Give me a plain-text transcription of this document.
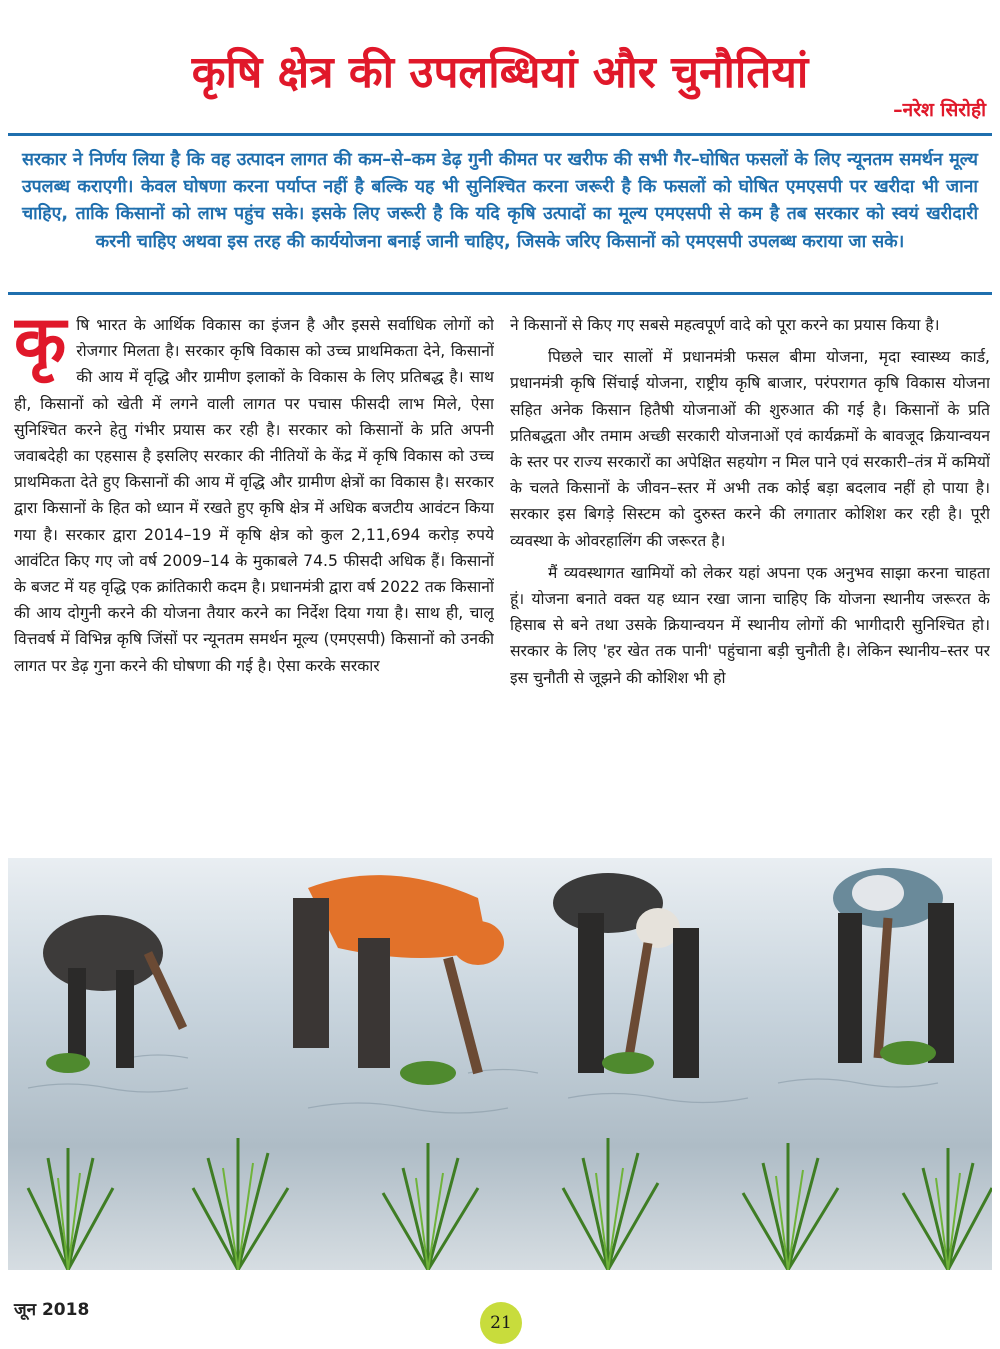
कृषि क्षेत्र की उपलब्धियां और चुनौतियां
–नरेश सिरोही
सरकार ने निर्णय लिया है कि वह उत्पादन लागत की कम–से–कम डेढ़ गुनी कीमत पर खरीफ की सभी गैर–घोषित फसलों के लिए न्यूनतम समर्थन मूल्य उपलब्ध कराएगी। केवल घोषणा करना पर्याप्त नहीं है बल्कि यह भी सुनिश्चित करना जरूरी है कि फसलों को घोषित एमएसपी पर खरीदा भी जाना चाहिए, ताकि किसानों को लाभ पहुंच सके। इसके लिए जरूरी है कि यदि कृषि उत्पादों का मूल्य एमएसपी से कम है तब सरकार को स्वयं खरीदारी करनी चाहिए अथवा इस तरह की कार्ययोजना बनाई जानी चाहिए, जिसके जरिए किसानों को एमएसपी उपलब्ध कराया जा सके।

कृषि भारत के आर्थिक विकास का इंजन है और इससे सर्वाधिक लोगों को रोजगार मिलता है। सरकार कृषि विकास को उच्च प्राथमिकता देने, किसानों की आय में वृद्धि और ग्रामीण इलाकों के विकास के लिए प्रतिबद्ध है। साथ ही, किसानों को खेती में लगने वाली लागत पर पचास फीसदी लाभ मिले, ऐसा सुनिश्चित करने हेतु गंभीर प्रयास कर रही है। सरकार को किसानों के प्रति अपनी जवाबदेही का एहसास है इसलिए सरकार की नीतियों के केंद्र में कृषि विकास को उच्च प्राथमिकता देते हुए किसानों की आय में वृद्धि और ग्रामीण क्षेत्रों का विकास है। सरकार द्वारा किसानों के हित को ध्यान में रखते हुए कृषि क्षेत्र में अधिक बजटीय आवंटन किया गया है। सरकार द्वारा 2014–19 में कृषि क्षेत्र को कुल 2,11,694 करोड़ रुपये आवंटित किए गए जो वर्ष 2009–14 के मुकाबले 74.5 फीसदी अधिक हैं। किसानों के बजट में यह वृद्धि एक क्रांतिकारी कदम है। प्रधानमंत्री द्वारा वर्ष 2022 तक किसानों की आय दोगुनी करने की योजना तैयार करने का निर्देश दिया गया है। साथ ही, चालू वित्तवर्ष में विभिन्न कृषि जिंसों पर न्यूनतम समर्थन मूल्य (एमएसपी) किसानों को उनकी लागत पर डेढ़ गुना करने की घोषणा की गई है। ऐसा करके सरकार

ने किसानों से किए गए सबसे महत्वपूर्ण वादे को पूरा करने का प्रयास किया है।

पिछले चार सालों में प्रधानमंत्री फसल बीमा योजना, मृदा स्वास्थ्य कार्ड, प्रधानमंत्री कृषि सिंचाई योजना, राष्ट्रीय कृषि बाजार, परंपरागत कृषि विकास योजना सहित अनेक किसान हितैषी योजनाओं की शुरुआत की गई है। किसानों के प्रति प्रतिबद्धता और तमाम अच्छी सरकारी योजनाओं एवं कार्यक्रमों के बावजूद क्रियान्वयन के स्तर पर राज्य सरकारों का अपेक्षित सहयोग न मिल पाने एवं सरकारी–तंत्र में कमियों के चलते किसानों के जीवन–स्तर में अभी तक कोई बड़ा बदलाव नहीं हो पाया है। सरकार इस बिगड़े सिस्टम को दुरुस्त करने की लगातार कोशिश कर रही है। पूरी व्यवस्था के ओवरहालिंग की जरूरत है।

मैं व्यवस्थागत खामियों को लेकर यहां अपना एक अनुभव साझा करना चाहता हूं। योजना बनाते वक्त यह ध्यान रखा जाना चाहिए कि योजना स्थानीय जरूरत के हिसाब से बने तथा उसके क्रियान्वयन में स्थानीय लोगों की भागीदारी सुनिश्चित हो। सरकार के लिए 'हर खेत तक पानी' पहुंचाना बड़ी चुनौती है। लेकिन स्थानीय–स्तर पर इस चुनौती से जूझने की कोशिश भी हो

जून 2018
21
